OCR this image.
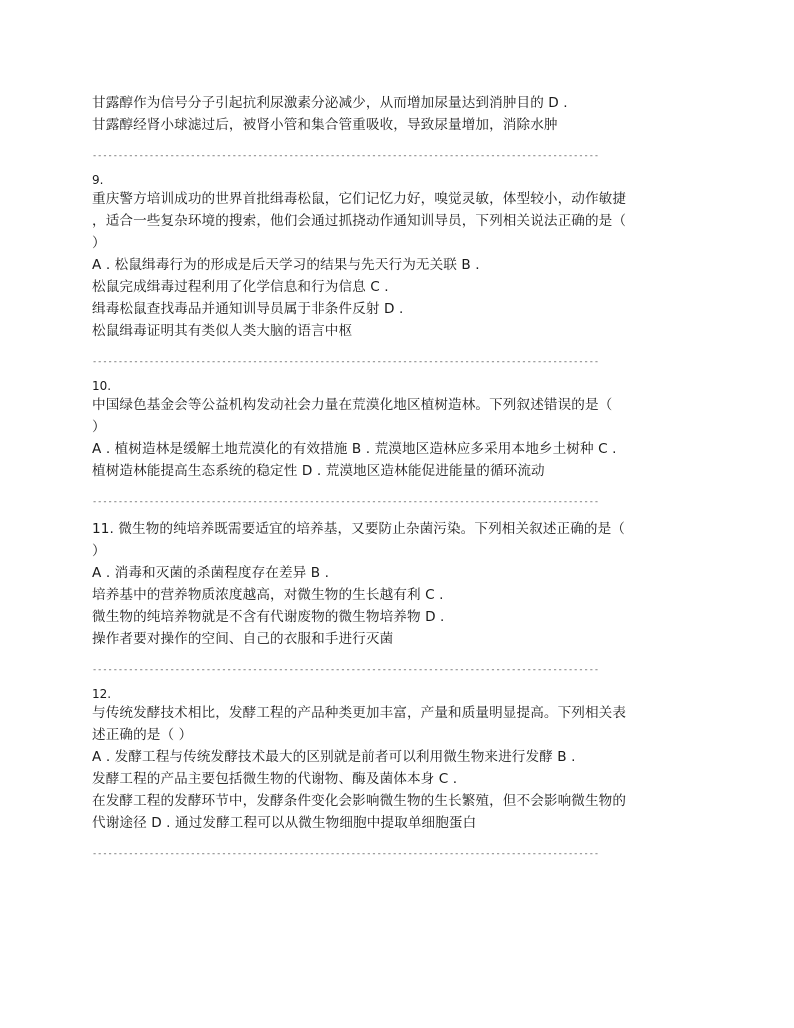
甘露醇作为信号分子引起抗利尿激素分泌减少，从而增加尿量达到消肿目的 D .
甘露醇经肾小球滤过后，被肾小管和集合管重吸收，导致尿量增加，消除水肿
--------------------------------------------------------------------------------------------------
9.
重庆警方培训成功的世界首批缉毒松鼠，它们记忆力好，嗅觉灵敏，体型较小，动作敏捷
，适合一些复杂环境的搜索，他们会通过抓挠动作通知训导员，下列相关说法正确的是（
）
A . 松鼠缉毒行为的形成是后天学习的结果与先天行为无关联 B .
松鼠完成缉毒过程利用了化学信息和行为信息 C .
缉毒松鼠查找毒品并通知训导员属于非条件反射 D .
松鼠缉毒证明其有类似人类大脑的语言中枢
--------------------------------------------------------------------------------------------------
10.
中国绿色基金会等公益机构发动社会力量在荒漠化地区植树造林。下列叙述错误的是（
）
A . 植树造林是缓解土地荒漠化的有效措施 B . 荒漠地区造林应多采用本地乡土树种 C .
植树造林能提高生态系统的稳定性 D . 荒漠地区造林能促进能量的循环流动
--------------------------------------------------------------------------------------------------
11. 微生物的纯培养既需要适宜的培养基，又要防止杂菌污染。下列相关叙述正确的是（
）
A . 消毒和灭菌的杀菌程度存在差异 B .
培养基中的营养物质浓度越高，对微生物的生长越有利 C .
微生物的纯培养物就是不含有代谢废物的微生物培养物 D .
操作者要对操作的空间、自己的衣服和手进行灭菌
--------------------------------------------------------------------------------------------------
12.
与传统发酵技术相比，发酵工程的产品种类更加丰富，产量和质量明显提高。下列相关表
述正确的是（ ）
A . 发酵工程与传统发酵技术最大的区别就是前者可以利用微生物来进行发酵 B .
发酵工程的产品主要包括微生物的代谢物、酶及菌体本身 C .
在发酵工程的发酵环节中，发酵条件变化会影响微生物的生长繁殖，但不会影响微生物的
代谢途径 D . 通过发酵工程可以从微生物细胞中提取单细胞蛋白
--------------------------------------------------------------------------------------------------
